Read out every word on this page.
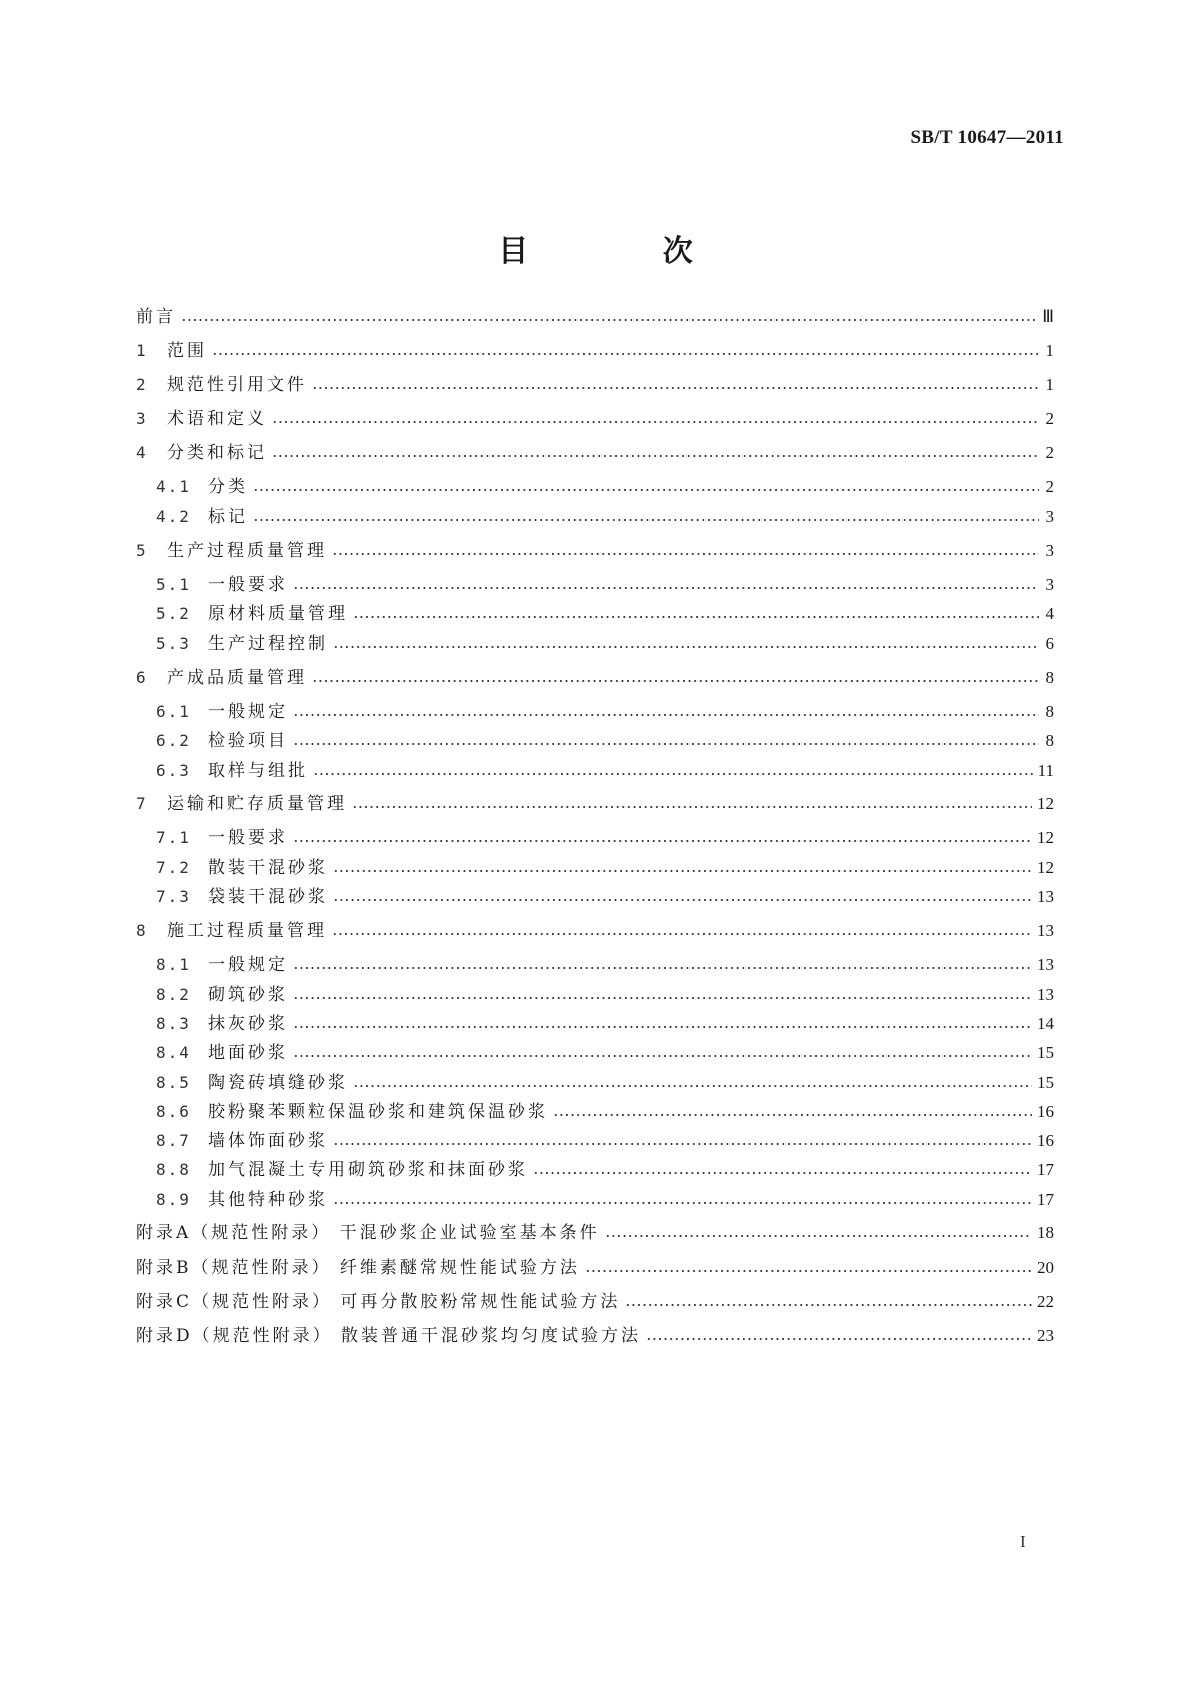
SB/T 10647—2011
目 次
前言	Ⅲ
1	范围	1
2	规范性引用文件	1
3	术语和定义	2
4	分类和标记	2
4.1	分类	2
4.2	标记	3
5	生产过程质量管理	3
5.1	一般要求	3
5.2	原材料质量管理	4
5.3	生产过程控制	6
6	产成品质量管理	8
6.1	一般规定	8
6.2	检验项目	8
6.3	取样与组批	11
7	运输和贮存质量管理	12
7.1	一般要求	12
7.2	散装干混砂浆	12
7.3	袋装干混砂浆	13
8	施工过程质量管理	13
8.1	一般规定	13
8.2	砌筑砂浆	13
8.3	抹灰砂浆	14
8.4	地面砂浆	15
8.5	陶瓷砖填缝砂浆	15
8.6	胶粉聚苯颗粒保温砂浆和建筑保温砂浆	16
8.7	墙体饰面砂浆	16
8.8	加气混凝土专用砌筑砂浆和抹面砂浆	17
8.9	其他特种砂浆	17
附录A（规范性附录） 干混砂浆企业试验室基本条件	18
附录B（规范性附录） 纤维素醚常规性能试验方法	20
附录C（规范性附录） 可再分散胶粉常规性能试验方法	22
附录D（规范性附录） 散装普通干混砂浆均匀度试验方法	23
I
